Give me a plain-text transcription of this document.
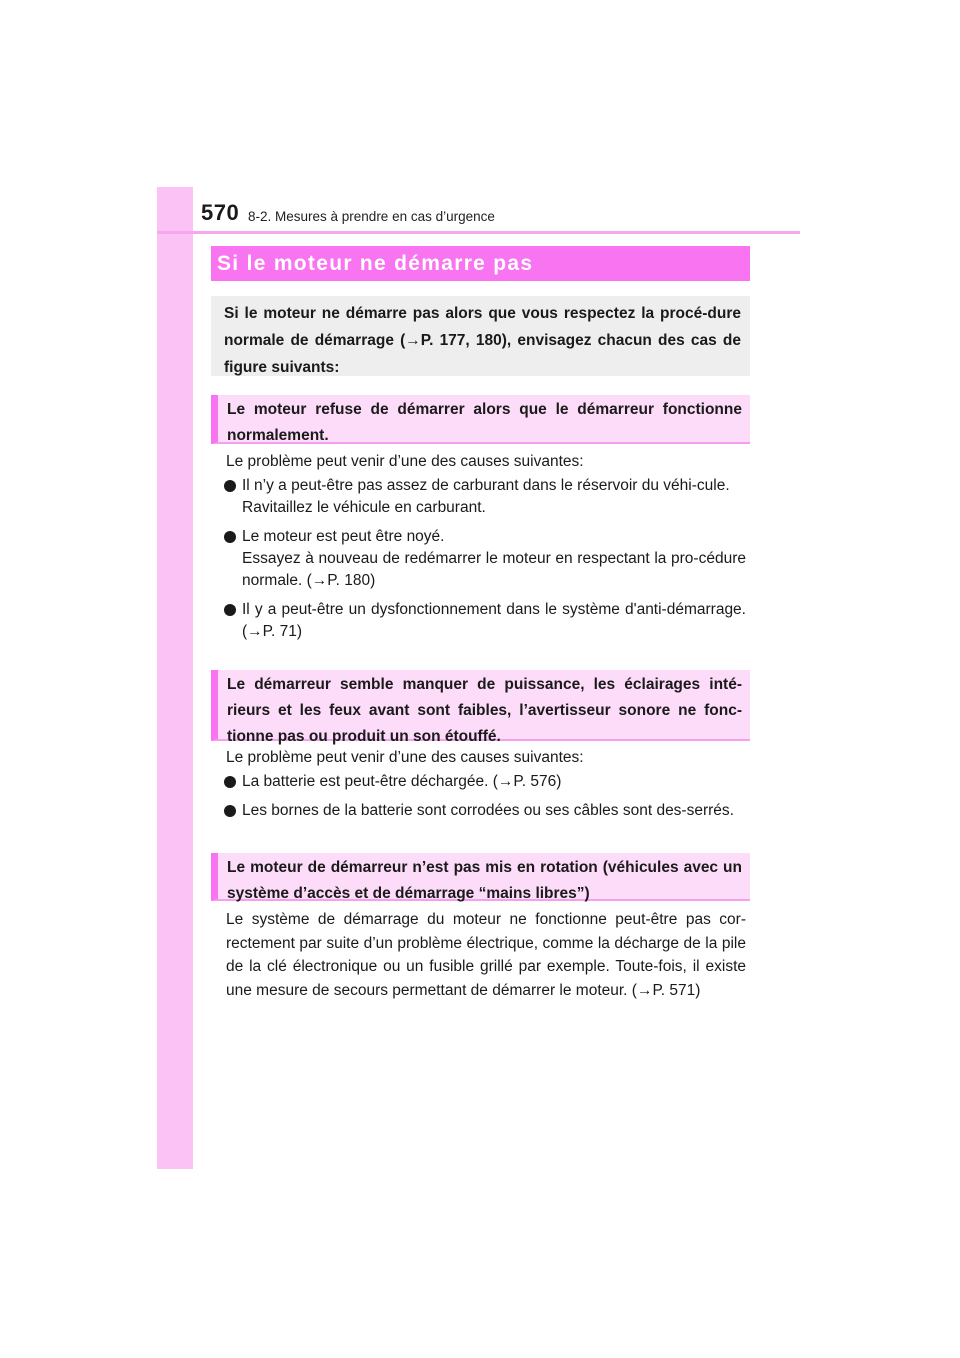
570 8-2. Mesures à prendre en cas d’urgence
Si le moteur ne démarre pas
Si le moteur ne démarre pas alors que vous respectez la procé-dure normale de démarrage (→P. 177, 180), envisagez chacun des cas de figure suivants:
Le moteur refuse de démarrer alors que le démarreur fonctionne normalement.

Le problème peut venir d’une des causes suivantes:

Il n’y a peut-être pas assez de carburant dans le réservoir du véhi-cule.
Ravitaillez le véhicule en carburant.
Le moteur est peut être noyé.
Essayez à nouveau de redémarrer le moteur en respectant la pro-cédure normale. (→P. 180)
Il y a peut-être un dysfonctionnement dans le système d'anti-démarrage. (→P. 71)
Le démarreur semble manquer de puissance, les éclairages inté-rieurs et les feux avant sont faibles, l’avertisseur sonore ne fonc-tionne pas ou produit un son étouffé.

Le problème peut venir d’une des causes suivantes:

La batterie est peut-être déchargée. (→P. 576)
Les bornes de la batterie sont corrodées ou ses câbles sont des-serrés.
Le moteur de démarreur n’est pas mis en rotation (véhicules avec un système d’accès et de démarrage “mains libres”)

Le système de démarrage du moteur ne fonctionne peut-être pas cor-rectement par suite d’un problème électrique, comme la décharge de la pile de la clé électronique ou un fusible grillé par exemple. Toute-fois, il existe une mesure de secours permettant de démarrer le moteur. (→P. 571)
